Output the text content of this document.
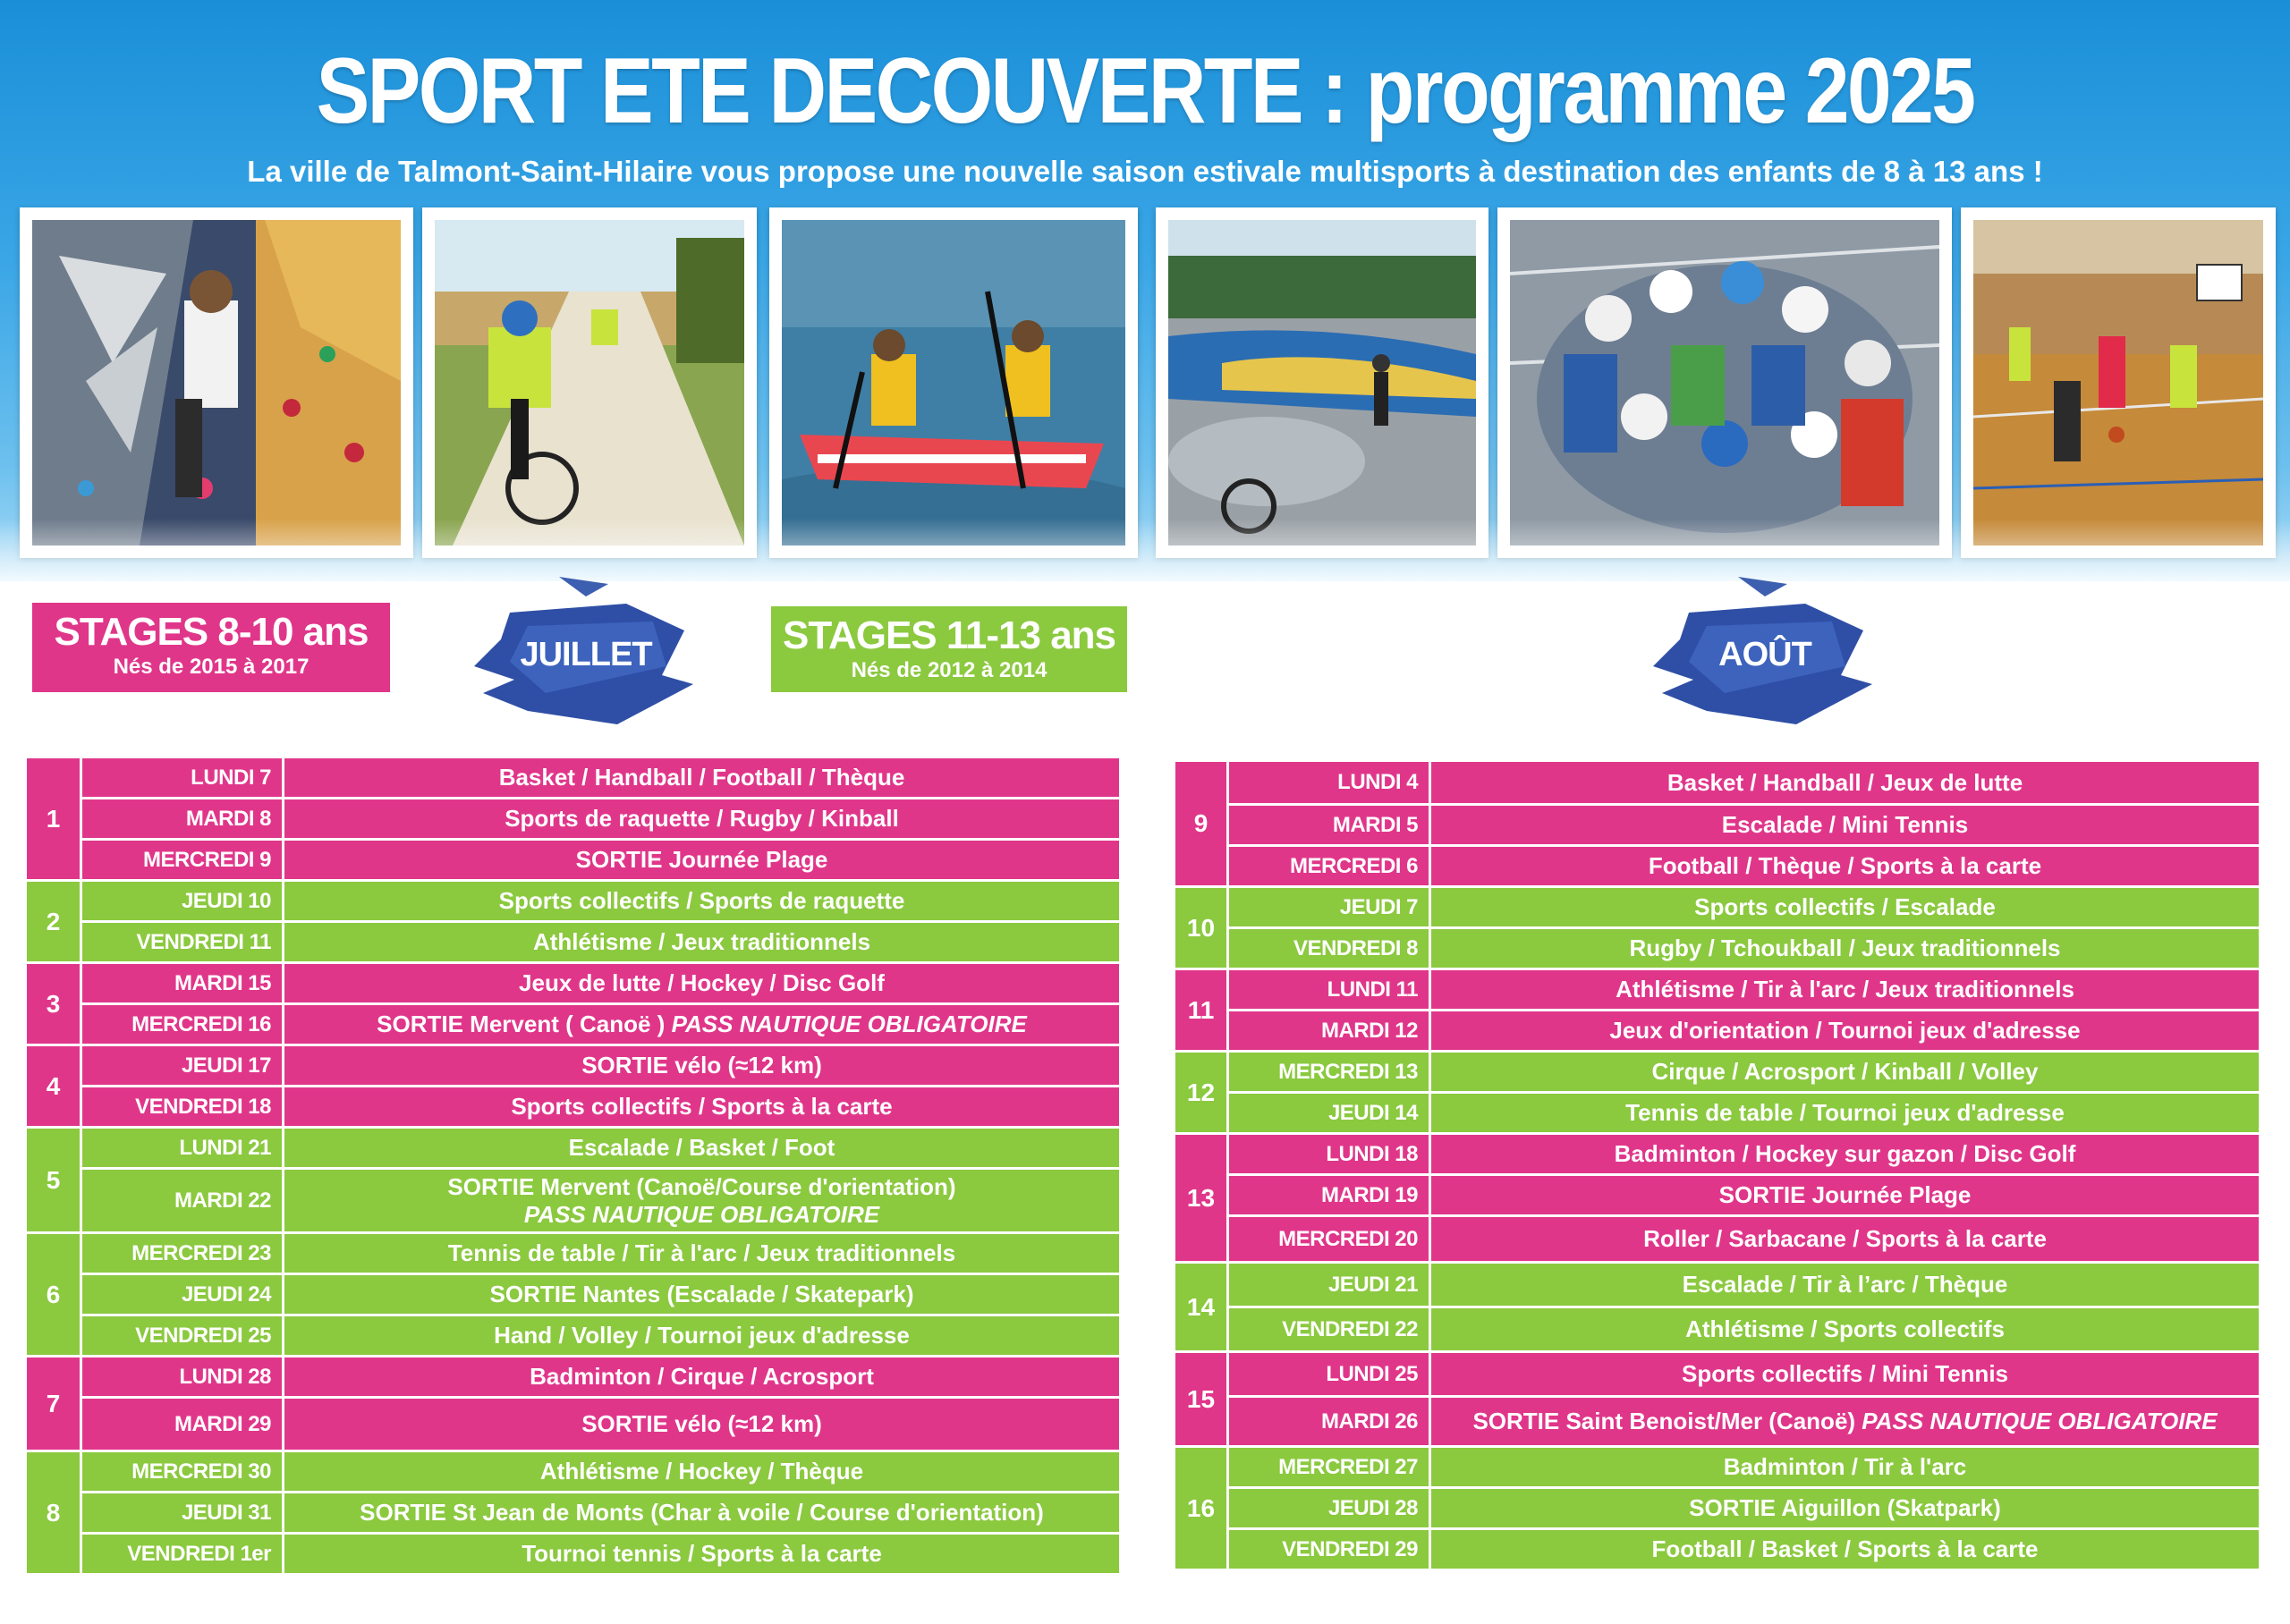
SPORT ETE DECOUVERTE : programme 2025
La ville de Talmont-Saint-Hilaire vous propose une nouvelle saison estivale multisports à destination des enfants de 8 à 13 ans !
STAGES 8-10 ans
Nés de 2015 à 2017	JUILLET	STAGES 11-13 ans
Nés de 2012 à 2014	AOÛT
1	LUNDI 7	Basket / Handball / Football / Thèque
	MARDI 8	Sports de raquette / Rugby / Kinball
	MERCREDI 9	SORTIE Journée Plage
2	JEUDI 10	Sports collectifs / Sports de raquette
	VENDREDI 11	Athlétisme / Jeux traditionnels
3	MARDI 15	Jeux de lutte / Hockey / Disc Golf
	MERCREDI 16	SORTIE Mervent ( Canoë ) PASS NAUTIQUE OBLIGATOIRE
4	JEUDI 17	SORTIE vélo (≈12 km)
	VENDREDI 18	Sports collectifs / Sports à la carte
5	LUNDI 21	Escalade / Basket / Foot
	MARDI 22	SORTIE Mervent (Canoë/Course d'orientation)
PASS NAUTIQUE OBLIGATOIRE
6	MERCREDI 23	Tennis de table / Tir à l'arc / Jeux traditionnels
	JEUDI 24	SORTIE Nantes (Escalade / Skatepark)
	VENDREDI 25	Hand / Volley / Tournoi jeux d'adresse
7	LUNDI 28	Badminton / Cirque / Acrosport
	MARDI 29	SORTIE vélo (≈12 km)
8	MERCREDI 30	Athlétisme / Hockey / Thèque
	JEUDI 31	SORTIE St Jean de Monts (Char à voile / Course d'orientation)
	VENDREDI 1er	Tournoi tennis / Sports à la carte
9	LUNDI 4	Basket / Handball / Jeux de lutte
	MARDI 5	Escalade / Mini Tennis
	MERCREDI 6	Football / Thèque / Sports à la carte
10	JEUDI 7	Sports collectifs / Escalade
	VENDREDI 8	Rugby / Tchoukball / Jeux traditionnels
11	LUNDI 11	Athlétisme / Tir à l'arc / Jeux traditionnels
	MARDI 12	Jeux d'orientation / Tournoi jeux d'adresse
12	MERCREDI 13	Cirque / Acrosport / Kinball / Volley
	JEUDI 14	Tennis de table / Tournoi jeux d'adresse
13	LUNDI 18	Badminton / Hockey sur gazon / Disc Golf
	MARDI 19	SORTIE Journée Plage
	MERCREDI 20	Roller / Sarbacane / Sports à la carte
14	JEUDI 21	Escalade / Tir à l’arc / Thèque
	VENDREDI 22	Athlétisme / Sports collectifs
15	LUNDI 25	Sports collectifs / Mini Tennis
	MARDI 26	SORTIE Saint Benoist/Mer (Canoë) PASS NAUTIQUE OBLIGATOIRE
16	MERCREDI 27	Badminton / Tir à l'arc
	JEUDI 28	SORTIE Aiguillon (Skatpark)
	VENDREDI 29	Football / Basket / Sports à la carte
